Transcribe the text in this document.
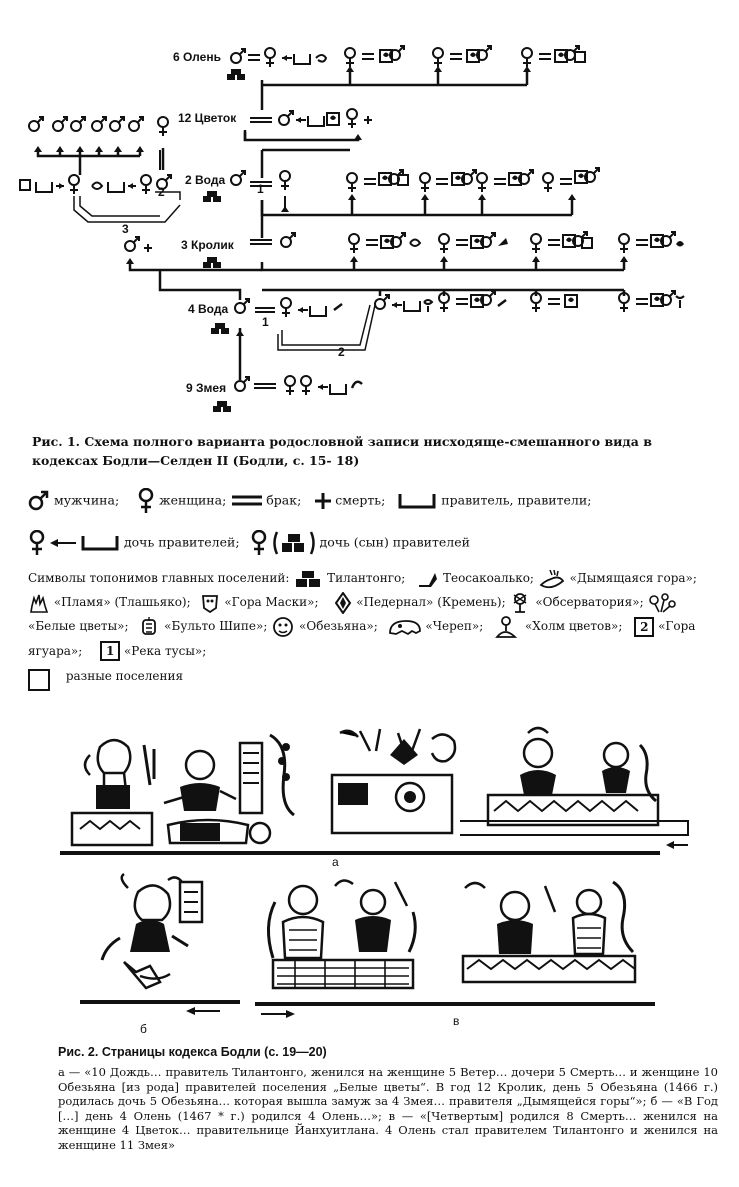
6 Олень
12 Цветок
2 Вода
3 Кролик
4 Вода
9 Змея
1
2
3
1
2
Рис. 1. Схема полного варианта родословной записи нисходяще-смешанного вида в кодексах Бодли—Селден II (Бодли, с. 15- 18)
мужчина;	женщина;	брак;	смерть;	правитель, правители;
дочь правителей;	дочь (сын) правителей
Символы топонимов главных поселений:	Тилантонго;	Теосакоалько;	«Дымящаяся гора»;  «Пламя» (Тлашьяко);	«Гора Маски»;	«Педернал» (Кремень); «Обсерватория»;  «Белые цветы»;	«Бульто Шипе»;	«Обезьяна»;	«Череп»;	«Холм цветов»; 2 «Гора ягуара»; 1 «Река тусы»;
разные поселения
а
б
в
Рис. 2. Страницы кодекса Бодли (с. 19—20)
а — «10 Дождь… правитель Тилантонго, женился на женщине 5 Ветер… дочери 5 Смерть… и женщине 10 Обезьяна [из рода] правителей поселения „Белые цветы“. В год 12 Кролик, день 5 Обезьяна (1466 г.) родилась дочь 5 Обезьяна… которая вышла замуж за 4 Змея… правителя „Дымящейся горы“»; б — «В Год […] день 4 Олень (1467 * г.) родился 4 Олень…»; в — «[Четвертым] родился 8 Смерть… женился на женщине 4 Цветок… правительнице Йанхуитлана. 4 Олень стал правителем Тилантонго и женился на женщине 11 Змея»
